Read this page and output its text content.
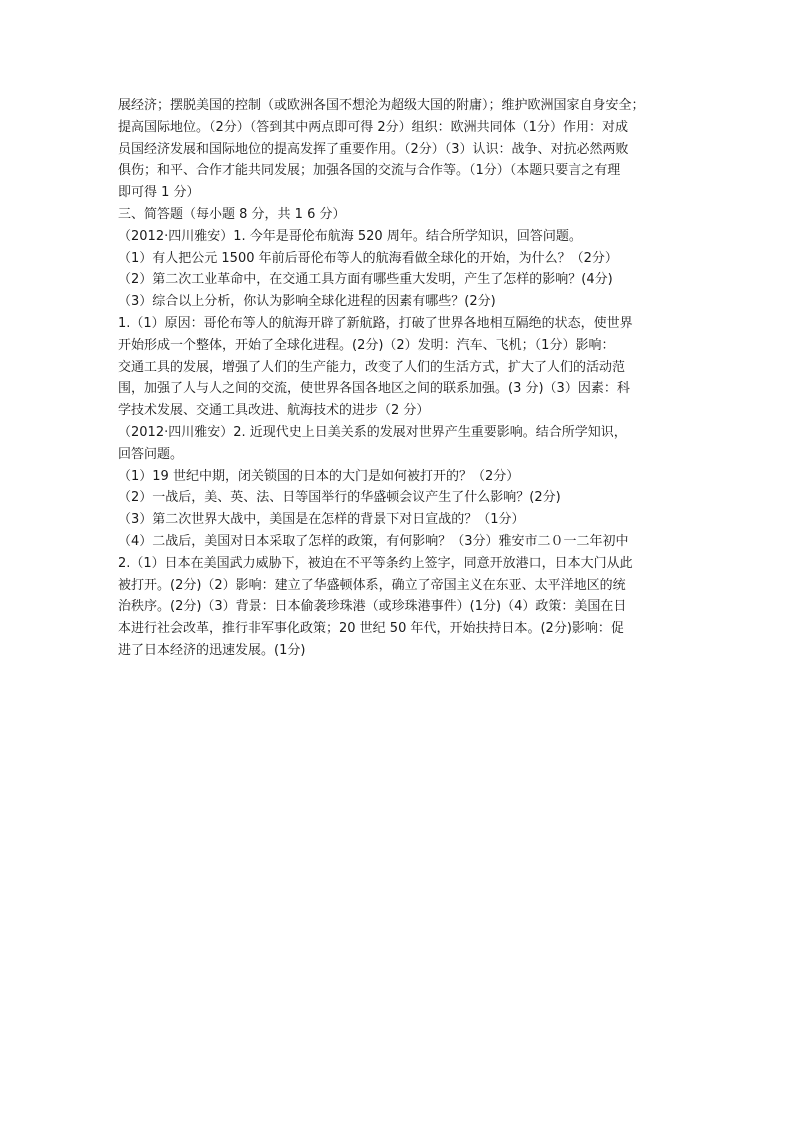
展经济；摆脱美国的控制（或欧洲各国不想沦为超级大国的附庸）；维护欧洲国家自身安全；
提高国际地位。（2分）（答到其中两点即可得 2分）组织：欧洲共同体（1分）作用：对成
员国经济发展和国际地位的提高发挥了重要作用。（2分）（3）认识：战争、对抗必然两败
俱伤；和平、合作才能共同发展；加强各国的交流与合作等。（1分）（本题只要言之有理
即可得 1 分）
三、简答题（每小题 8 分，共 1 6 分）
（2012·四川雅安）1. 今年是哥伦布航海 520 周年。结合所学知识，回答问题。
（1）有人把公元 1500 年前后哥伦布等人的航海看做全球化的开始，为什么？（2分）
（2）第二次工业革命中，在交通工具方面有哪些重大发明，产生了怎样的影响？(4分)
（3）综合以上分析，你认为影响全球化进程的因素有哪些？(2分)
1.（1）原因：哥伦布等人的航海开辟了新航路，打破了世界各地相互隔绝的状态，使世界
开始形成一个整体，开始了全球化进程。(2分)（2）发明：汽车、飞机；（1分）影响：
交通工具的发展，增强了人们的生产能力，改变了人们的生活方式，扩大了人们的活动范
围，加强了人与人之间的交流，使世界各国各地区之间的联系加强。(3 分)（3）因素：科
学技术发展、交通工具改进、航海技术的进步（2 分）
（2012·四川雅安）2. 近现代史上日美关系的发展对世界产生重要影响。结合所学知识，
回答问题。
（1）19 世纪中期，闭关锁国的日本的大门是如何被打开的？（2分）
（2）一战后，美、英、法、日等国举行的华盛顿会议产生了什么影响？(2分)
（3）第二次世界大战中，美国是在怎样的背景下对日宣战的？（1分）
（4）二战后，美国对日本采取了怎样的政策，有何影响？（3分）雅安市二０一二年初中
2.（1）日本在美国武力威胁下，被迫在不平等条约上签字，同意开放港口，日本大门从此
被打开。(2分)（2）影响：建立了华盛顿体系，确立了帝国主义在东亚、太平洋地区的统
治秩序。(2分)（3）背景：日本偷袭珍珠港（或珍珠港事件）(1分)（4）政策：美国在日
本进行社会改革，推行非军事化政策；20 世纪 50 年代，开始扶持日本。(2分)影响：促
进了日本经济的迅速发展。(1分)
